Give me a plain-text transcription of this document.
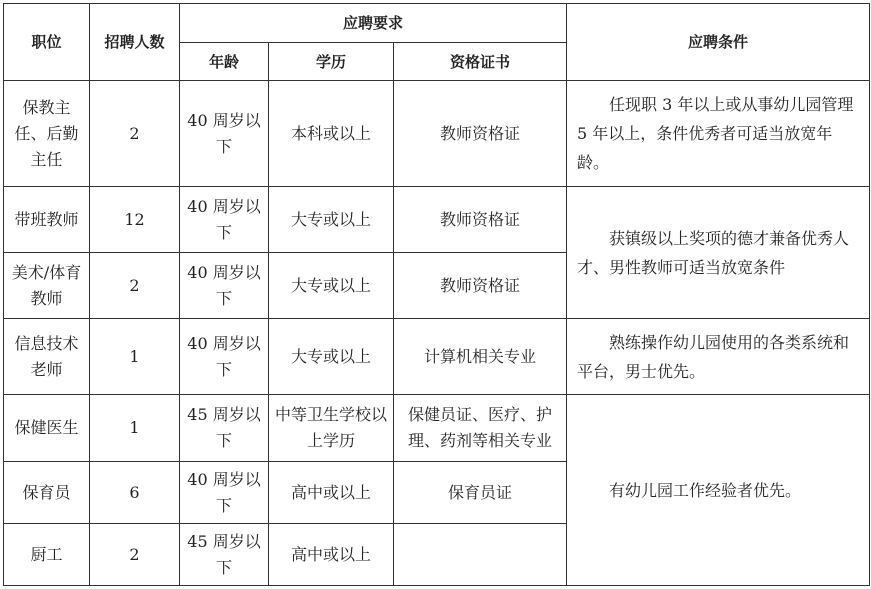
职位	招聘人数	应聘要求			应聘条件
		年龄	学历	资格证书	
保教主任、后勤主任	2	40 周岁以下	本科或以上	教师资格证	任现职 3 年以上或从事幼儿园管理 5 年以上，条件优秀者可适当放宽年龄。

带班教师	12	40 周岁以下	大专或以上	教师资格证	获镇级以上奖项的德才兼备优秀人才、男性教师可适当放宽条件

美术/体育教师	2	40 周岁以下	大专或以上	教师资格证	
信息技术老师	1	40 周岁以下	大专或以上	计算机相关专业	熟练操作幼儿园使用的各类系统和平台，男士优先。

保健医生	1	45 周岁以下	中等卫生学校以上学历	保健员证、医疗、护理、药剂等相关专业	有幼儿园工作经验者优先。

保育员	6	40 周岁以下	高中或以上	保育员证	
厨工	2	45 周岁以下	高中或以上		
